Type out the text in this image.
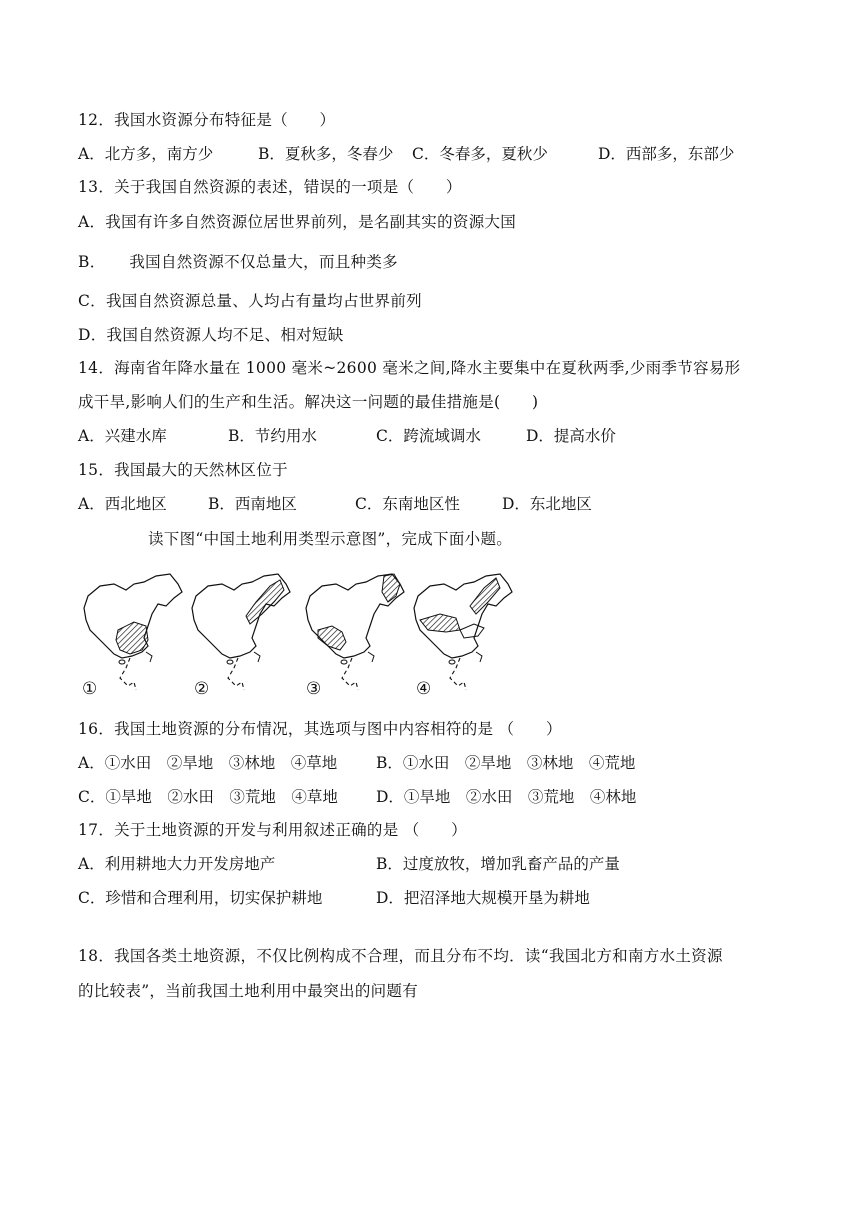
12．我国水资源分布特征是（　　）
A．北方多，南方少	B．夏秋多，冬春少 C．冬春多，夏秋少	D．西部多，东部少
13．关于我国自然资源的表述，错误的一项是（　　）
A．我国有许多自然资源位居世界前列，是名副其实的资源大国
B．　　我国自然资源不仅总量大，而且种类多
C．我国自然资源总量、人均占有量均占世界前列
D．我国自然资源人均不足、相对短缺
14．海南省年降水量在 1000 毫米~2600 毫米之间,降水主要集中在夏秋两季,少雨季节容易形
成干旱,影响人们的生产和生活。解决这一问题的最佳措施是(　　)
A．兴建水库	B．节约用水	C．跨流域调水	D．提高水价
15．我国最大的天然林区位于
A．西北地区	B．西南地区	C．东南地区性	D．东北地区
读下图“中国土地利用类型示意图”，完成下面小题。
①	②	③	④
16．我国土地资源的分布情况，其选项与图中内容相符的是 （　　）
A．①水田　②旱地　③林地　④草地	B．①水田　②旱地　③林地　④荒地
C．①旱地　②水田　③荒地　④草地 D．①旱地　②水田　③荒地　④林地
17．关于土地资源的开发与利用叙述正确的是 （　　）
A．利用耕地大力开发房地产	B．过度放牧，增加乳畜产品的产量
C．珍惜和合理利用，切实保护耕地	D．把沼泽地大规模开垦为耕地
18．我国各类土地资源，不仅比例构成不合理，而且分布不均．读“我国北方和南方水土资源
的比较表”，当前我国土地利用中最突出的问题有
